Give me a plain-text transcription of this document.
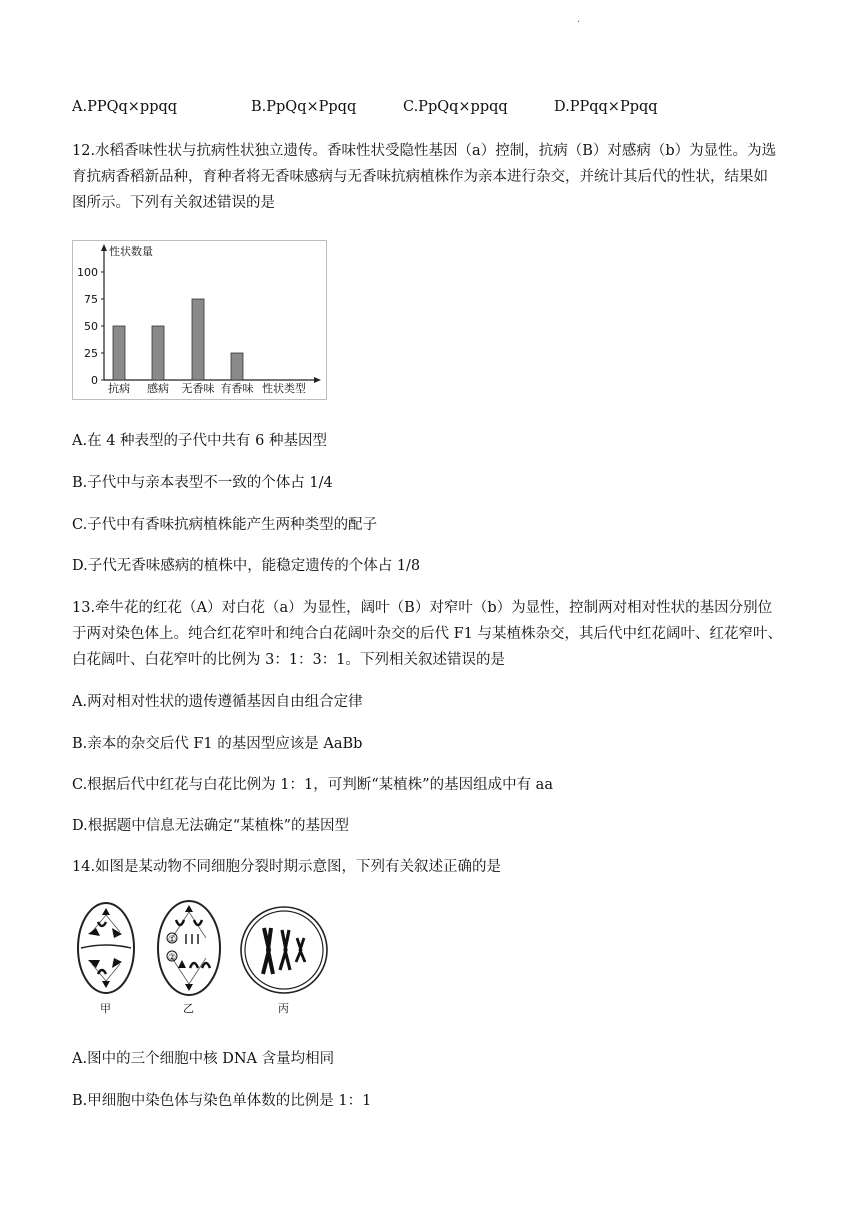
.
A.PPQq×ppqq	B.PpQq×Ppqq	C.PpQq×ppqq	D.PPqq×Ppqq
12.水稻香味性状与抗病性状独立遗传。香味性状受隐性基因（a）控制，抗病（B）对感病（b）为显性。为选
育抗病香稻新品种，育种者将无香味感病与无香味抗病植株作为亲本进行杂交，并统计其后代的性状，结果如
图所示。下列有关叙述错误的是
性状数量
0
25
50
75
100
抗病 感病 无香味 有香味 性状类型
A.在 4 种表型的子代中共有 6 种基因型
B.子代中与亲本表型不一致的个体占 1/4
C.子代中有香味抗病植株能产生两种类型的配子
D.子代无香味感病的植株中，能稳定遗传的个体占 1/8
13.牵牛花的红花（A）对白花（a）为显性，阔叶（B）对窄叶（b）为显性，控制两对相对性状的基因分别位
于两对染色体上。纯合红花窄叶和纯合白花阔叶杂交的后代 F1 与某植株杂交，其后代中红花阔叶、红花窄叶、
白花阔叶、白花窄叶的比例为 3：1：3：1。下列相关叙述错误的是
A.两对相对性状的遗传遵循基因自由组合定律
B.亲本的杂交后代 F1 的基因型应该是 AaBb
C.根据后代中红花与白花比例为 1：1，可判断“某植株”的基因组成中有 aa
D.根据题中信息无法确定“某植株”的基因型
14.如图是某动物不同细胞分裂时期示意图，下列有关叙述正确的是
甲
①
②
乙	丙
A.图中的三个细胞中核 DNA 含量均相同
B.甲细胞中染色体与染色单体数的比例是 1：1
